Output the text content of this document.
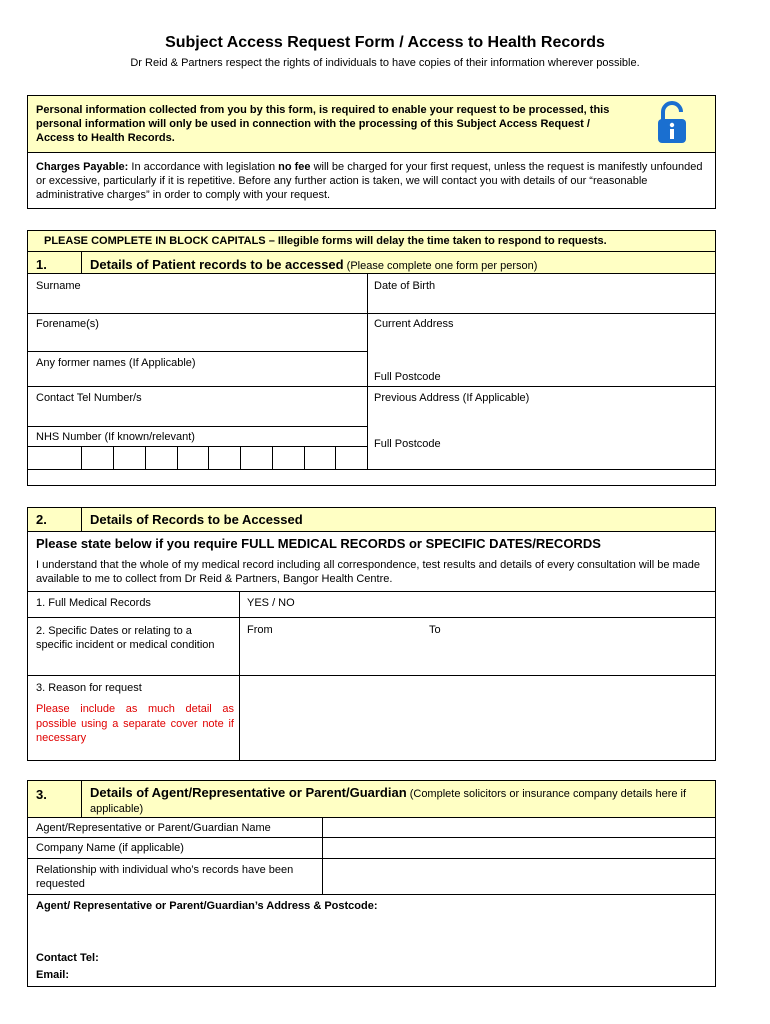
Subject Access Request Form / Access to Health Records
Dr Reid & Partners respect the rights of individuals to have copies of their information wherever possible.
Personal information collected from you by this form, is required to enable your request to be processed, this personal information will only be used in connection with the processing of this Subject Access Request / Access to Health Records.
Charges Payable: In accordance with legislation no fee will be charged for your first request, unless the request is manifestly unfounded or excessive, particularly if it is repetitive. Before any further action is taken, we will contact you with details of our “reasonable administrative charges” in order to comply with your request.
PLEASE COMPLETE IN BLOCK CAPITALS – Illegible forms will delay the time taken to respond to requests.
1.	Details of Patient records to be accessed (Please complete one form per person)
Surname	Date of Birth
Forename(s)	Current Address
Any former names (If Applicable)
Full Postcode
Contact Tel Number/s	Previous Address (If Applicable)
NHS Number (If known/relevant)
Full Postcode
2.	Details of Records to be Accessed
Please state below if you require FULL MEDICAL RECORDS or SPECIFIC DATES/RECORDS
I understand that the whole of my medical record including all correspondence, test results and details of every consultation will be made available to me to collect from Dr Reid & Partners, Bangor Health Centre.
1. Full Medical Records	YES / NO
2. Specific Dates or relating to a specific incident or medical condition
From	To
3. Reason for request
Please include as much detail as possible using a separate cover note if necessary
3.	Details of Agent/Representative or Parent/Guardian (Complete solicitors or insurance company details here if applicable)
Agent/Representative or Parent/Guardian Name
Company Name (if applicable)
Relationship with individual who’s records have been requested
Agent/ Representative or Parent/Guardian’s Address & Postcode:
Contact Tel:
Email:
